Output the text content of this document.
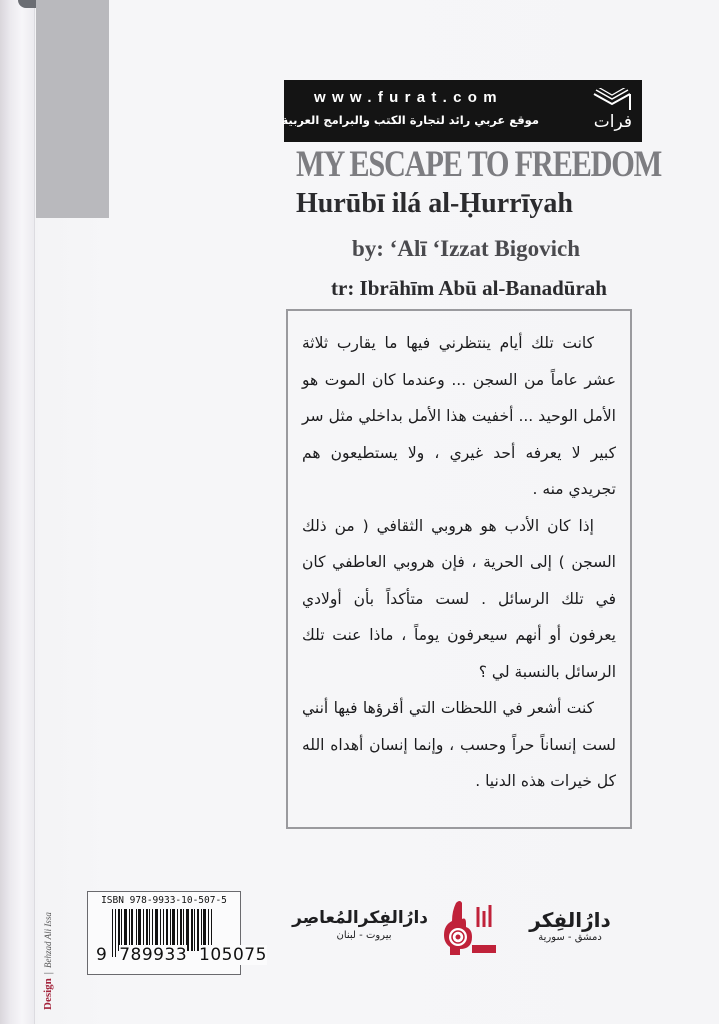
www.furat.com
موقع عربي رائد لتجارة الكتب والبرامج العربية	فرات
MY ESCAPE TO FREEDOM
Hurūbī ilá al-Ḥurrīyah
by: ‘Alī ‘Izzat Bigovich
tr: Ibrāhīm Abū al-Banadūrah

كانت تلك أيام ينتظرني فيها ما يقارب ثلاثة عشر عاماً من السجن ... وعندما كان الموت هو الأمل الوحيد ... أخفيت هذا الأمل بداخلي مثل سر كبير لا يعرفه أحد غيري ، ولا يستطيعون هم تجريدي منه .

إذا كان الأدب هو هروبي الثقافي ( من ذلك السجن ) إلى الحرية ، فإن هروبي العاطفي كان في تلك الرسائل . لست متأكداً بأن أولادي يعرفون أو أنهم سيعرفون يوماً ، ماذا عنت تلك الرسائل بالنسبة لي ؟

كنت أشعر في اللحظات التي أقرؤها فيها أنني لست إنساناً حراً وحسب ، وإنما إنسان أهداه الله كل خيرات هذه الدنيا .

Design | Behzad Ali Issa
ISBN 978-9933-10-507-5
9 789933 105075
دارُالفِكرالمُعاصِر
بيروت - لبنان
دارُالفِكر
دمشق - سورية
